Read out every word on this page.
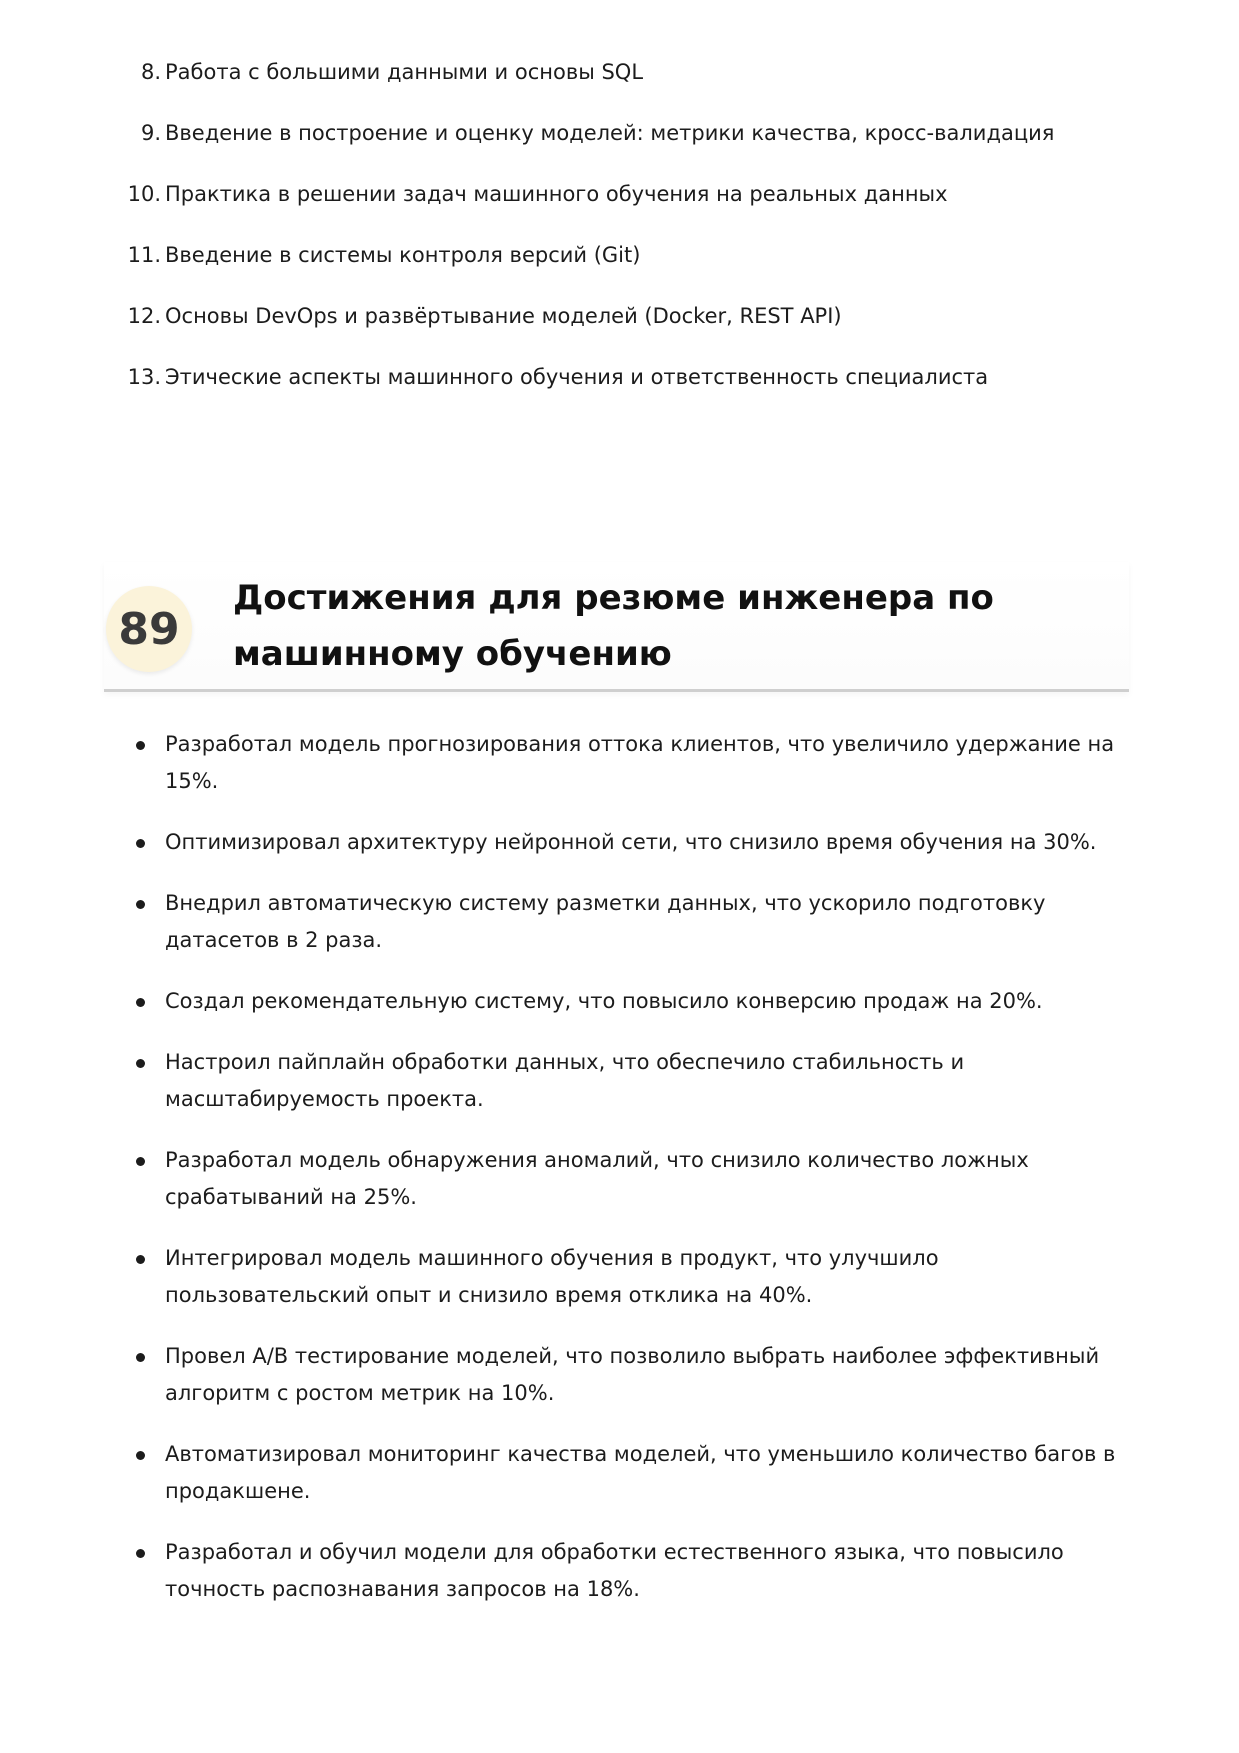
8. Работа с большими данными и основы SQL
9. Введение в построение и оценку моделей: метрики качества, кросс-валидация
10. Практика в решении задач машинного обучения на реальных данных
11. Введение в системы контроля версий (Git)
12. Основы DevOps и развёртывание моделей (Docker, REST API)
13. Этические аспекты машинного обучения и ответственность специалиста
89
Достижения для резюме инженера по машинному обучению
Разработал модель прогнозирования оттока клиентов, что увеличило удержание на 15%.
Оптимизировал архитектуру нейронной сети, что снизило время обучения на 30%.
Внедрил автоматическую систему разметки данных, что ускорило подготовку датасетов в 2 раза.
Создал рекомендательную систему, что повысило конверсию продаж на 20%.
Настроил пайплайн обработки данных, что обеспечило стабильность и масштабируемость проекта.
Разработал модель обнаружения аномалий, что снизило количество ложных срабатываний на 25%.
Интегрировал модель машинного обучения в продукт, что улучшило пользовательский опыт и снизило время отклика на 40%.
Провел A/B тестирование моделей, что позволило выбрать наиболее эффективный алгоритм с ростом метрик на 10%.
Автоматизировал мониторинг качества моделей, что уменьшило количество багов в продакшене.
Разработал и обучил модели для обработки естественного языка, что повысило точность распознавания запросов на 18%.
